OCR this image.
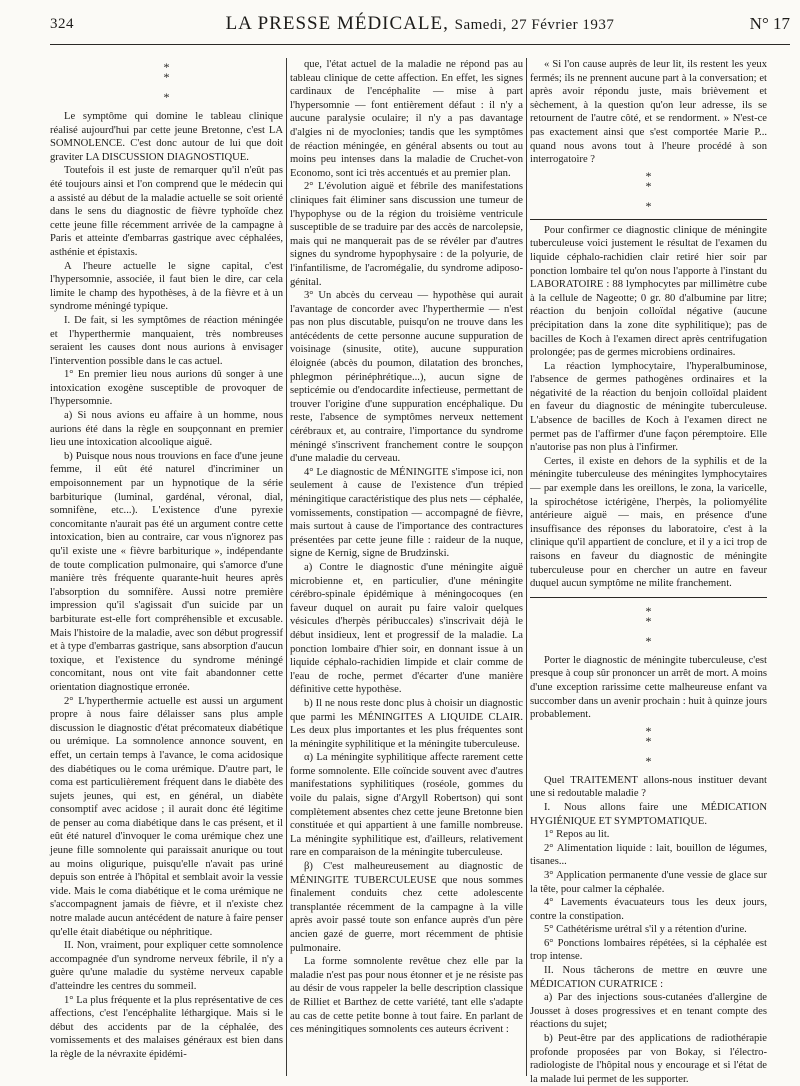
324	LA PRESSE MÉDICALE, Samedi, 27 Février 1937	N° 17
*
*

*

Le symptôme qui domine le tableau clinique réalisé aujourd'hui par cette jeune Bretonne, c'est LA SOMNOLENCE. C'est donc autour de lui que doit graviter LA DISCUSSION DIAGNOSTIQUE.

Toutefois il est juste de remarquer qu'il n'eût pas été toujours ainsi et l'on comprend que le médecin qui a assisté au début de la maladie actuelle se soit orienté dans le sens du diagnostic de fièvre typhoïde chez cette jeune fille récemment arrivée de la campagne à Paris et atteinte d'embarras gastrique avec céphalées, asthénie et épistaxis.

A l'heure actuelle le signe capital, c'est l'hypersomnie, associée, il faut bien le dire, car cela limite le champ des hypothèses, à de la fièvre et à un syndrome méningé typique.

I. De fait, si les symptômes de réaction méningée et l'hyperthermie manquaient, très nombreuses seraient les causes dont nous aurions à envisager l'intervention possible dans le cas actuel.

1° En premier lieu nous aurions dû songer à une intoxication exogène susceptible de provoquer de l'hypersomnie.

a) Si nous avions eu affaire à un homme, nous aurions été dans la règle en soupçonnant en premier lieu une intoxication alcoolique aiguë.

b) Puisque nous nous trouvions en face d'une jeune femme, il eût été naturel d'incriminer un empoisonnement par un hypnotique de la série barbiturique (luminal, gardénal, véronal, dial, somnifène, etc...). L'existence d'une pyrexie concomitante n'aurait pas été un argument contre cette intoxication, bien au contraire, car vous n'ignorez pas qu'il existe une « fièvre barbiturique », indépendante de toute complication pulmonaire, qui s'amorce d'une manière très fréquente quarante-huit heures après l'absorption du somnifère. Aussi notre première impression qu'il s'agissait d'un suicide par un barbiturate est-elle fort compréhensible et excusable. Mais l'histoire de la maladie, avec son début progressif et à type d'embarras gastrique, sans absorption d'aucun toxique, et l'existence du syndrome méningé concomitant, nous ont vite fait abandonner cette orientation diagnostique erronée.

2° L'hyperthermie actuelle est aussi un argument propre à nous faire délaisser sans plus ample discussion le diagnostic d'état précomateux diabétique ou urémique. La somnolence annonce souvent, en effet, un certain temps à l'avance, le coma acidosique des diabétiques ou le coma urémique. D'autre part, le coma est particulièrement fréquent dans le diabète des sujets jeunes, qui est, en général, un diabète consomptif avec acidose ; il aurait donc été légitime de penser au coma diabétique dans le cas présent, et il eût été naturel d'invoquer le coma urémique chez une jeune fille somnolente qui paraissait anurique ou tout au moins oligurique, puisqu'elle n'avait pas uriné depuis son entrée à l'hôpital et semblait avoir la vessie vide. Mais le coma diabétique et le coma urémique ne s'accompagnent jamais de fièvre, et il n'existe chez notre malade aucun antécédent de nature à faire penser qu'elle était diabétique ou néphritique.

II. Non, vraiment, pour expliquer cette somnolence accompagnée d'un syndrome nerveux fébrile, il n'y a guère qu'une maladie du système nerveux capable d'atteindre les centres du sommeil.

1° La plus fréquente et la plus représentative de ces affections, c'est l'encéphalite léthargique. Mais si le début des accidents par de la céphalée, des vomissements et des malaises généraux est bien dans la règle de la névraxite épidémi-

que, l'état actuel de la maladie ne répond pas au tableau clinique de cette affection. En effet, les signes cardinaux de l'encéphalite — mise à part l'hypersomnie — font entièrement défaut : il n'y a aucune paralysie oculaire; il n'y a pas davantage d'algies ni de myoclonies; tandis que les symptômes de réaction méningée, en général absents ou tout au moins peu intenses dans la maladie de Cruchet-von Economo, sont ici très accentués et au premier plan.

2° L'évolution aiguë et fébrile des manifestations cliniques fait éliminer sans discussion une tumeur de l'hypophyse ou de la région du troisième ventricule susceptible de se traduire par des accès de narcolepsie, mais qui ne manquerait pas de se révéler par d'autres signes du syndrome hypophysaire : de la polyurie, de l'infantilisme, de l'acromégalie, du syndrome adiposo-génital.

3° Un abcès du cerveau — hypothèse qui aurait l'avantage de concorder avec l'hyperthermie — n'est pas non plus discutable, puisqu'on ne trouve dans les antécédents de cette personne aucune suppuration de voisinage (sinusite, otite), aucune suppuration éloignée (abcès du poumon, dilatation des bronches, phlegmon périnéphrétique...), aucun signe de septicémie ou d'endocardite infectieuse, permettant de trouver l'origine d'une suppuration encéphalique. Du reste, l'absence de symptômes nerveux nettement cérébraux et, au contraire, l'importance du syndrome méningé s'inscrivent franchement contre le soupçon d'une maladie du cerveau.

4° Le diagnostic de MÉNINGITE s'impose ici, non seulement à cause de l'existence d'un trépied méningitique caractéristique des plus nets — céphalée, vomissements, constipation — accompagné de fièvre, mais surtout à cause de l'importance des contractures présentées par cette jeune fille : raideur de la nuque, signe de Kernig, signe de Brudzinski.

a) Contre le diagnostic d'une méningite aiguë microbienne et, en particulier, d'une méningite cérébro-spinale épidémique à méningocoques (en faveur duquel on aurait pu faire valoir quelques vésicules d'herpès péribuccales) s'inscrivait déjà le début insidieux, lent et progressif de la maladie. La ponction lombaire d'hier soir, en donnant issue à un liquide céphalo-rachidien limpide et clair comme de l'eau de roche, permet d'écarter d'une manière définitive cette hypothèse.

b) Il ne nous reste donc plus à choisir un diagnostic que parmi les MÉNINGITES A LIQUIDE CLAIR. Les deux plus importantes et les plus fréquentes sont la méningite syphilitique et la méningite tuberculeuse.

α) La méningite syphilitique affecte rarement cette forme somnolente. Elle coïncide souvent avec d'autres manifestations syphilitiques (roséole, gommes du voile du palais, signe d'Argyll Robertson) qui sont complètement absentes chez cette jeune Bretonne bien constituée et qui appartient à une famille nombreuse. La méningite syphilitique est, d'ailleurs, relativement rare en comparaison de la méningite tuberculeuse.

β) C'est malheureusement au diagnostic de MÉNINGITE TUBERCULEUSE que nous sommes finalement conduits chez cette adolescente transplantée récemment de la campagne à la ville après avoir passé toute son enfance auprès d'un père ancien gazé de guerre, mort récemment de phtisie pulmonaire.

La forme somnolente revêtue chez elle par la maladie n'est pas pour nous étonner et je ne résiste pas au désir de vous rappeler la belle description classique de Rilliet et Barthez de cette variété, tant elle s'adapte au cas de cette petite bonne à tout faire. En parlant de ces méningitiques somnolents ces auteurs écrivent :

« Si l'on cause auprès de leur lit, ils restent les yeux fermés; ils ne prennent aucune part à la conversation; et après avoir répondu juste, mais brièvement et sèchement, à la question qu'on leur adresse, ils se retournent de l'autre côté, et se rendorment. » N'est-ce pas exactement ainsi que s'est comportée Marie P... quand nous avons tout à l'heure procédé à son interrogatoire ?

*
*

*

Pour confirmer ce diagnostic clinique de méningite tuberculeuse voici justement le résultat de l'examen du liquide céphalo-rachidien clair retiré hier soir par ponction lombaire tel qu'on nous l'apporte à l'instant du LABORATOIRE : 88 lymphocytes par millimètre cube à la cellule de Nageotte; 0 gr. 80 d'albumine par litre; réaction du benjoin colloïdal négative (aucune précipitation dans la zone dite syphilitique); pas de bacilles de Koch à l'examen direct après centrifugation prolongée; pas de germes microbiens ordinaires.

La réaction lymphocytaire, l'hyperalbuminose, l'absence de germes pathogènes ordinaires et la négativité de la réaction du benjoin colloïdal plaident en faveur du diagnostic de méningite tuberculeuse. L'absence de bacilles de Koch à l'examen direct ne permet pas de l'affirmer d'une façon péremptoire. Elle n'autorise pas non plus à l'infirmer.

Certes, il existe en dehors de la syphilis et de la méningite tuberculeuse des méningites lymphocytaires — par exemple dans les oreillons, le zona, la varicelle, la spirochétose ictérigène, l'herpès, la poliomyélite antérieure aiguë — mais, en présence d'une insuffisance des réponses du laboratoire, c'est à la clinique qu'il appartient de conclure, et il y a ici trop de raisons en faveur du diagnostic de méningite tuberculeuse pour en chercher un autre en faveur duquel aucun symptôme ne milite franchement.

*
*

*

Porter le diagnostic de méningite tuberculeuse, c'est presque à coup sûr prononcer un arrêt de mort. A moins d'une exception rarissime cette malheureuse enfant va succomber dans un avenir prochain : huit à quinze jours probablement.

*
*

*

Quel TRAITEMENT allons-nous instituer devant une si redoutable maladie ?

I. Nous allons faire une MÉDICATION HYGIÉNIQUE ET SYMPTOMATIQUE.

1° Repos au lit.

2° Alimentation liquide : lait, bouillon de légumes, tisanes...

3° Application permanente d'une vessie de glace sur la tête, pour calmer la céphalée.

4° Lavements évacuateurs tous les deux jours, contre la constipation.

5° Cathétérisme urétral s'il y a rétention d'urine.

6° Ponctions lombaires répétées, si la céphalée est trop intense.

II. Nous tâcherons de mettre en œuvre une MÉDICATION CURATRICE :

a) Par des injections sous-cutanées d'allergine de Jousset à doses progressives et en tenant compte des réactions du sujet;

b) Peut-être par des applications de radiothérapie profonde proposées par von Bokay, si l'électro-radiologiste de l'hôpital nous y encourage et si l'état de la malade lui permet de les supporter.
